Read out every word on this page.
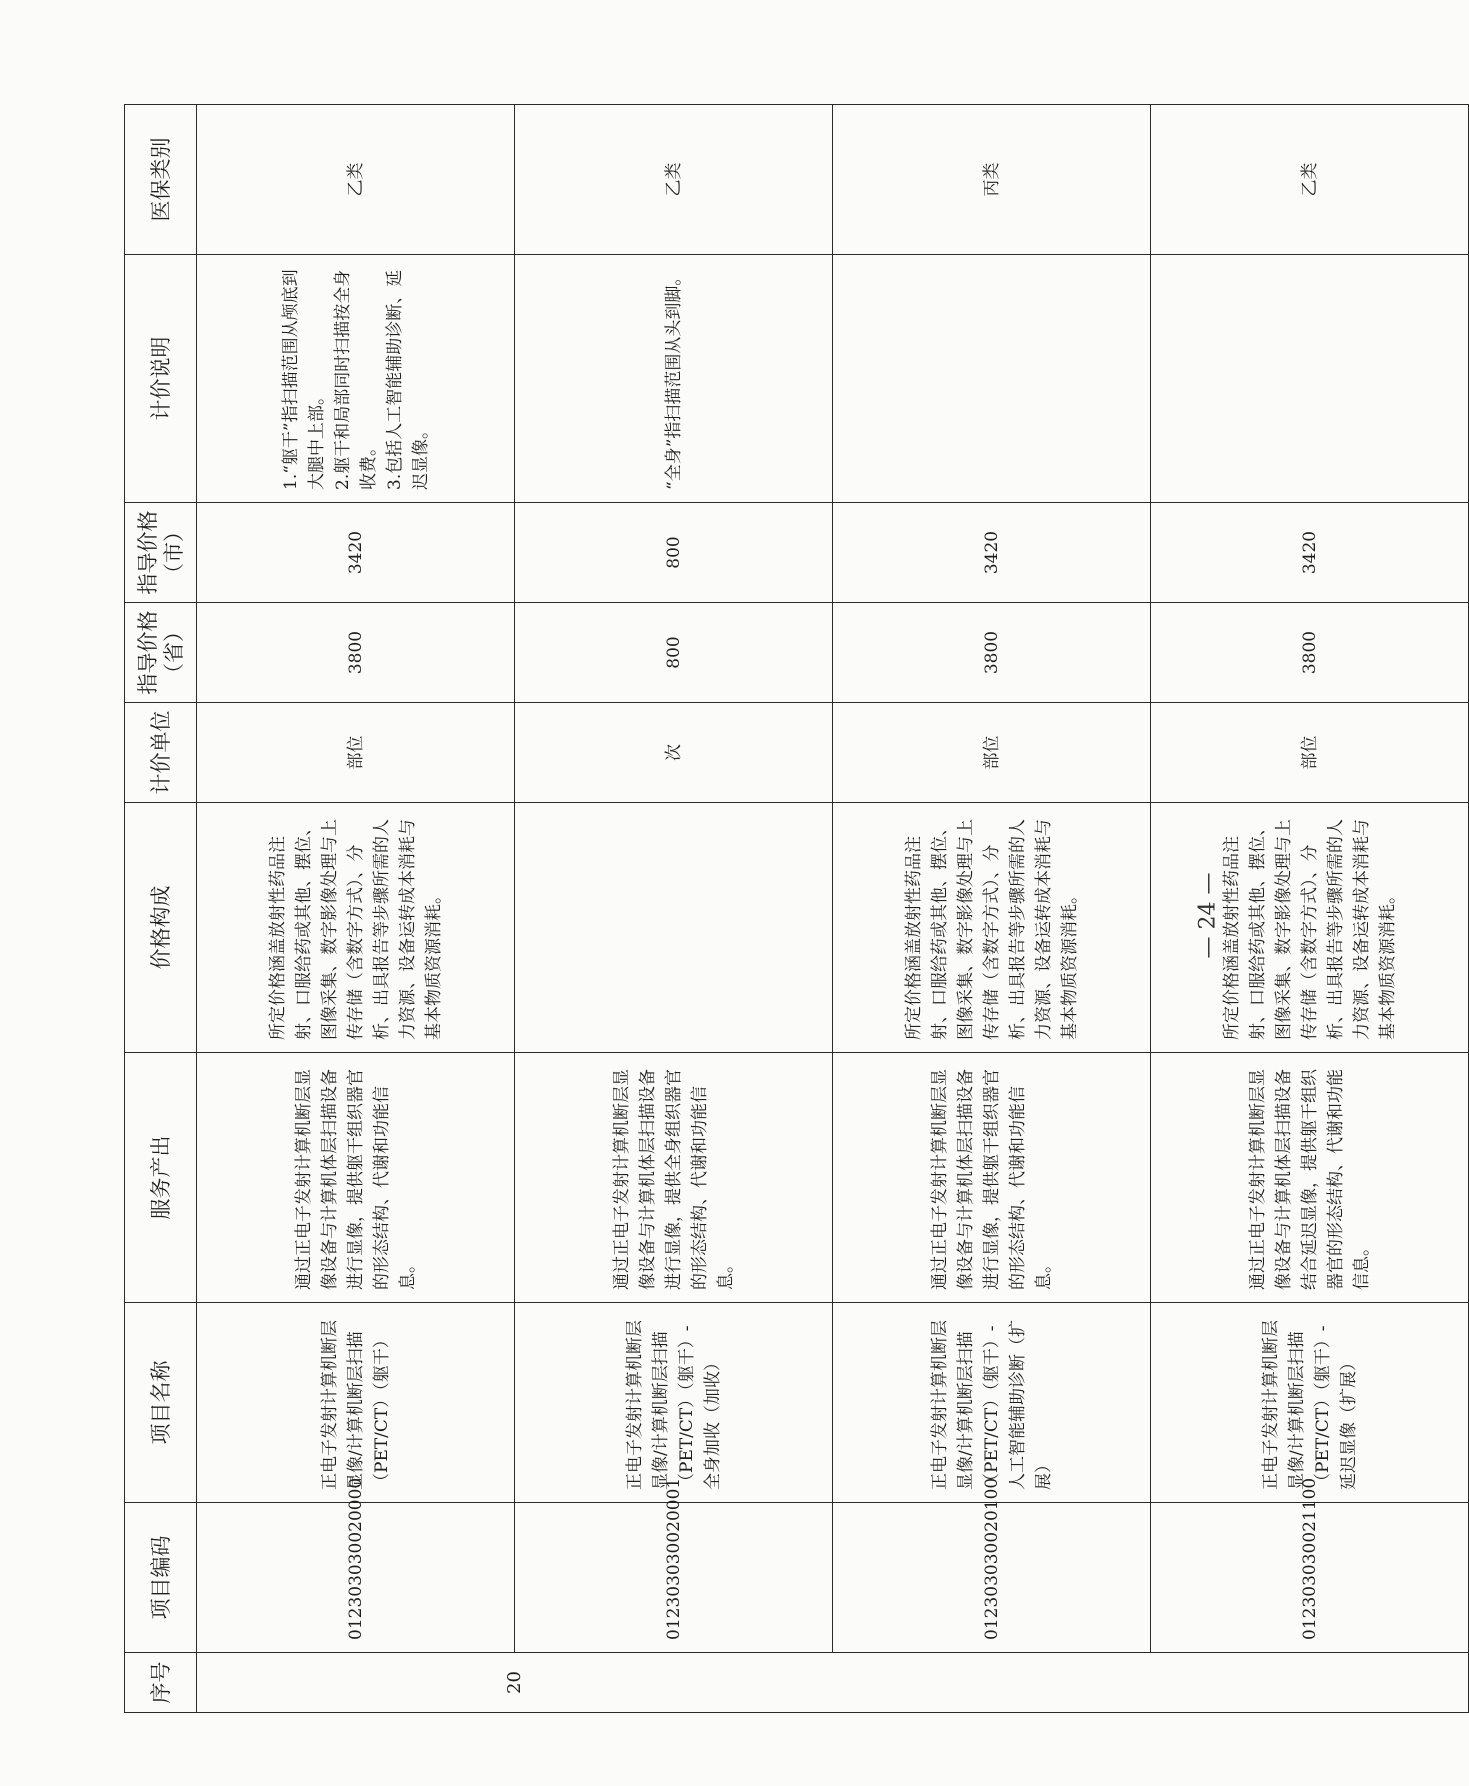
序号	项目编码	项目名称	服务产出	价格构成	计价单位	指导价格（省）	指导价格（市）	计价说明	医保类别
20	012303030020000	正电子发射计算机断层显像/计算机断层扫描（PET/CT）（躯干）	通过正电子发射计算机断层显像设备与计算机体层扫描设备进行显像，提供躯干组织器官的形态结构、代谢和功能信息。	所定价格涵盖放射性药品注射、口服给药或其他、摆位、图像采集、数字影像处理与上传存储（含数字方式）、分析、出具报告等步骤所需的人力资源、设备运转成本消耗与基本物质资源消耗。	部位	3800	3420	1.“躯干”指扫描范围从颅底到大腿中上部。 2.躯干和局部同时扫描按全身收费。 3.包括人工智能辅助诊断、延迟显像。	乙类
	012303030020001	正电子发射计算机断层显像/计算机断层扫描（PET/CT）（躯干）-全身加收（加收）	通过正电子发射计算机断层显像设备与计算机体层扫描设备进行显像，提供全身组织器官的形态结构、代谢和功能信息。		次	800	800	“全身”指扫描范围从头到脚。	乙类
	012303030020100	正电子发射计算机断层显像/计算机断层扫描（PET/CT）（躯干）-人工智能辅助诊断（扩展）	通过正电子发射计算机断层显像设备与计算机体层扫描设备进行显像，提供躯干组织器官的形态结构、代谢和功能信息。	所定价格涵盖放射性药品注射、口服给药或其他、摆位、图像采集、数字影像处理与上传存储（含数字方式）、分析、出具报告等步骤所需的人力资源、设备运转成本消耗与基本物质资源消耗。	部位	3800	3420		丙类
	012303030021100	正电子发射计算机断层显像/计算机断层扫描（PET/CT）（躯干）-延迟显像（扩展）	通过正电子发射计算机断层显像设备与计算机体层扫描设备结合延迟显像，提供躯干组织器官的形态结构、代谢和功能信息。	所定价格涵盖放射性药品注射、口服给药或其他、摆位、图像采集、数字影像处理与上传存储（含数字方式）、分析、出具报告等步骤所需的人力资源、设备运转成本消耗与基本物质资源消耗。	部位	3800	3420		乙类
— 24 —
